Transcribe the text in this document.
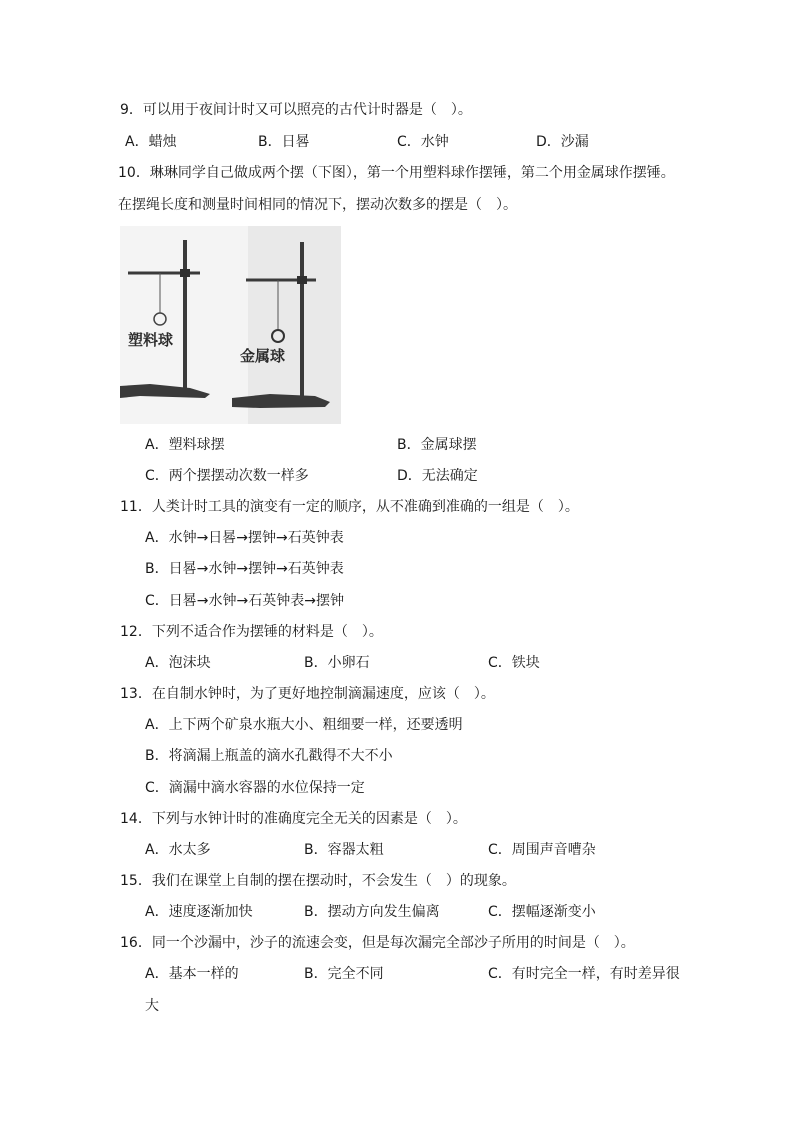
9．可以用于夜间计时又可以照亮的古代计时器是（　）。
A．蜡烛	B．日晷	C．水钟	D．沙漏
10．琳琳同学自己做成两个摆（下图），第一个用塑料球作摆锤，第二个用金属球作摆锤。
在摆绳长度和测量时间相同的情况下，摆动次数多的摆是（　）。
塑料球
金属球
A．塑料球摆	B．金属球摆
C．两个摆摆动次数一样多	D．无法确定
11．人类计时工具的演变有一定的顺序，从不准确到准确的一组是（　）。
A．水钟→日晷→摆钟→石英钟表
B．日晷→水钟→摆钟→石英钟表
C．日晷→水钟→石英钟表→摆钟
12．下列不适合作为摆锤的材料是（　）。
A．泡沫块	B．小卵石	C．铁块
13．在自制水钟时，为了更好地控制滴漏速度，应该（　）。
A．上下两个矿泉水瓶大小、粗细要一样，还要透明
B．将滴漏上瓶盖的滴水孔戳得不大不小
C．滴漏中滴水容器的水位保持一定
14．下列与水钟计时的准确度完全无关的因素是（　）。
A．水太多	B．容器太粗	C．周围声音嘈杂
15．我们在课堂上自制的摆在摆动时，不会发生（　）的现象。
A．速度逐渐加快	B．摆动方向发生偏离	C．摆幅逐渐变小
16．同一个沙漏中，沙子的流速会变，但是每次漏完全部沙子所用的时间是（　）。
A．基本一样的	B．完全不同	C．有时完全一样，有时差异很
大
